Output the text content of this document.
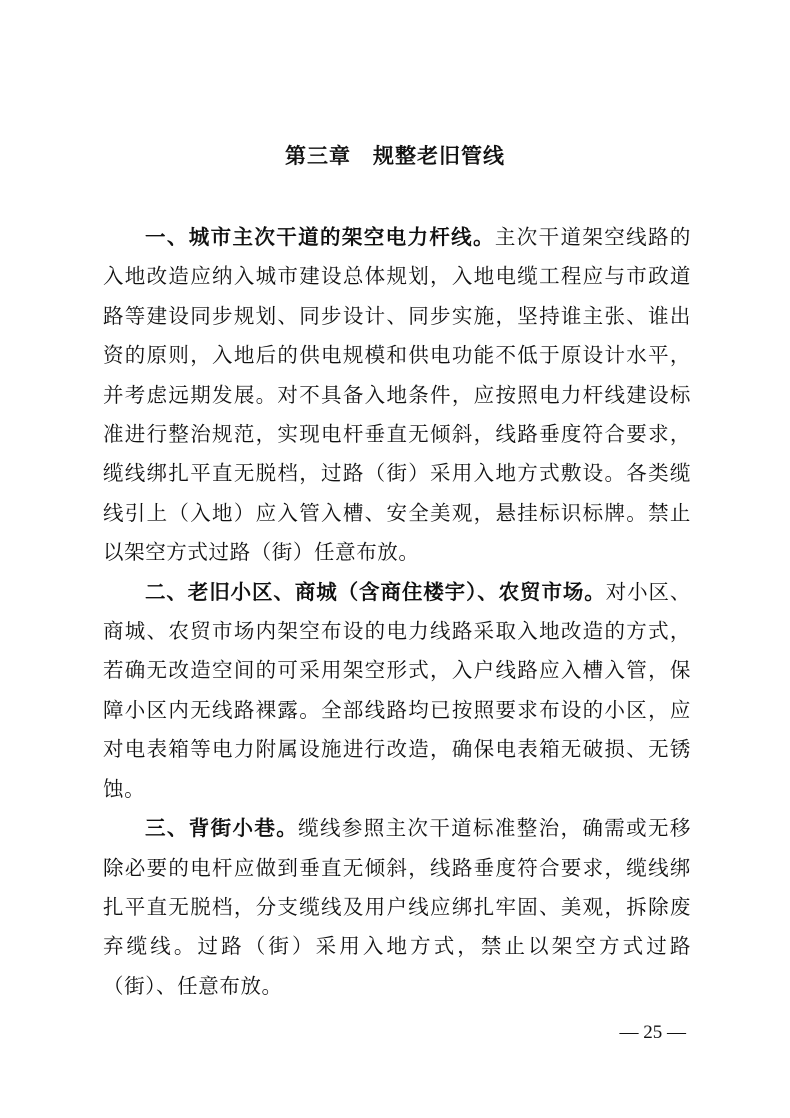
第三章　规整老旧管线

一、城市主次干道的架空电力杆线。主次干道架空线路的入地改造应纳入城市建设总体规划，入地电缆工程应与市政道路等建设同步规划、同步设计、同步实施，坚持谁主张、谁出资的原则，入地后的供电规模和供电功能不低于原设计水平，并考虑远期发展。对不具备入地条件，应按照电力杆线建设标准进行整治规范，实现电杆垂直无倾斜，线路垂度符合要求，缆线绑扎平直无脱档，过路（街）采用入地方式敷设。各类缆线引上（入地）应入管入槽、安全美观，悬挂标识标牌。禁止以架空方式过路（街）任意布放。

二、老旧小区、商城（含商住楼宇）、农贸市场。对小区、商城、农贸市场内架空布设的电力线路采取入地改造的方式，若确无改造空间的可采用架空形式，入户线路应入槽入管，保障小区内无线路裸露。全部线路均已按照要求布设的小区，应对电表箱等电力附属设施进行改造，确保电表箱无破损、无锈蚀。

三、背街小巷。缆线参照主次干道标准整治，确需或无移除必要的电杆应做到垂直无倾斜，线路垂度符合要求，缆线绑扎平直无脱档，分支缆线及用户线应绑扎牢固、美观，拆除废弃缆线。过路（街）采用入地方式，禁止以架空方式过路（街）、任意布放。

— 25 —
